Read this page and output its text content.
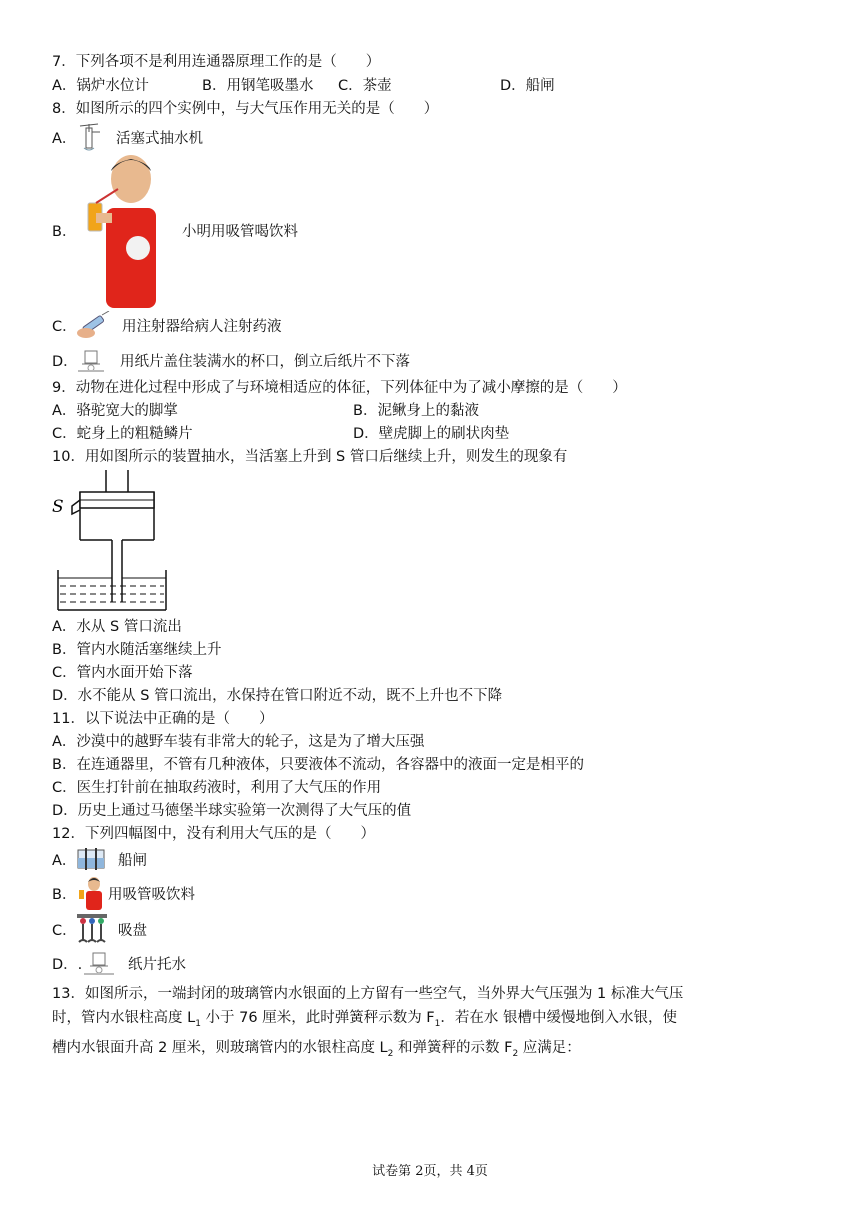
7．下列各项不是利用连通器原理工作的是（　　）
A．锅炉水位计	B．用钢笔吸墨水 C．茶壶	D．船闸
8．如图所示的四个实例中，与大气压作用无关的是（　　）
A．	活塞式抽水机
B．	小明用吸管喝饮料
C．	用注射器给病人注射药液
D．	用纸片盖住装满水的杯口，倒立后纸片不下落
9．动物在进化过程中形成了与环境相适应的体征，下列体征中为了减小摩擦的是（　　）
A．骆驼宽大的脚掌	B．泥鳅身上的黏液
C．蛇身上的粗糙鳞片	D．壁虎脚上的刷状肉垫
10．用如图所示的装置抽水，当活塞上升到 S 管口后继续上升，则发生的现象有
S
A．水从 S 管口流出
B．管内水随活塞继续上升
C．管内水面开始下落
D．水不能从 S 管口流出，水保持在管口附近不动，既不上升也不下降
11．以下说法中正确的是（　　）
A．沙漠中的越野车装有非常大的轮子，这是为了增大压强
B．在连通器里，不管有几种液体，只要液体不流动，各容器中的液面一定是相平的
C．医生打针前在抽取药液时，利用了大气压的作用
D．历史上通过马德堡半球实验第一次测得了大气压的值
12．下列四幅图中，没有利用大气压的是（　　）
A．	船闸
B． 用吸管吸饮料
C．	吸盘
D．.	纸片托水
13．如图所示，一端封闭的玻璃管内水银面的上方留有一些空气，当外界大气压强为 1 标准大气压
时，管内水银柱高度 $L_1$ 小于 76 厘米，此时弹簧秤示数为 $F_1$．若在水 银槽中缓慢地倒入水银，使
槽内水银面升高 2 厘米，则玻璃管内的水银柱高度 $L_2$ 和弹簧秤的示数 $F_2$ 应满足：
试卷第 2页，共 4页
